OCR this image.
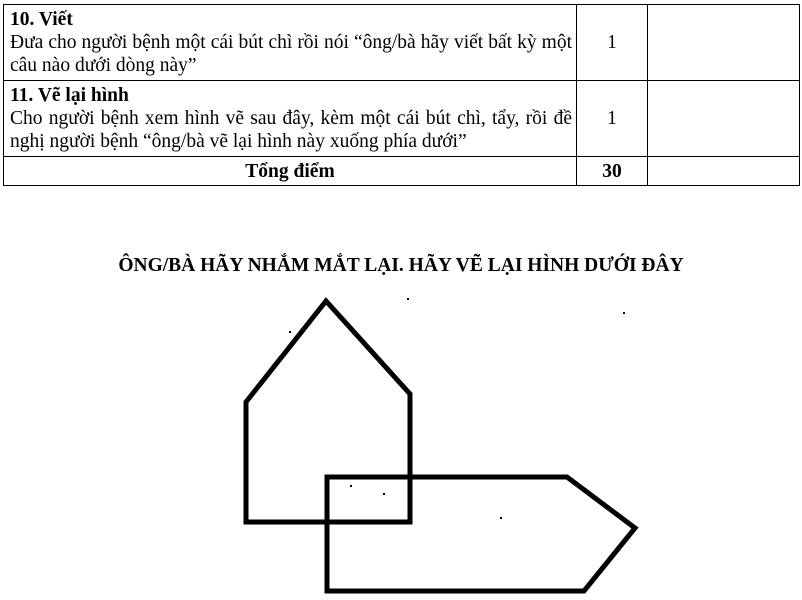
10. Viết
Đưa cho người bệnh một cái bút chì rồi nói “ông/bà hãy viết bất kỳ một câu nào dưới dòng này”	1	

11. Vẽ lại hình
Cho người bệnh xem hình vẽ sau đây, kèm một cái bút chì, tẩy, rồi đề nghị người bệnh “ông/bà vẽ lại hình này xuống phía dưới”	1	
Tổng điểm	30	
ÔNG/BÀ HÃY NHẮM MẮT LẠI. HÃY VẼ LẠI HÌNH DƯỚI ĐÂY
